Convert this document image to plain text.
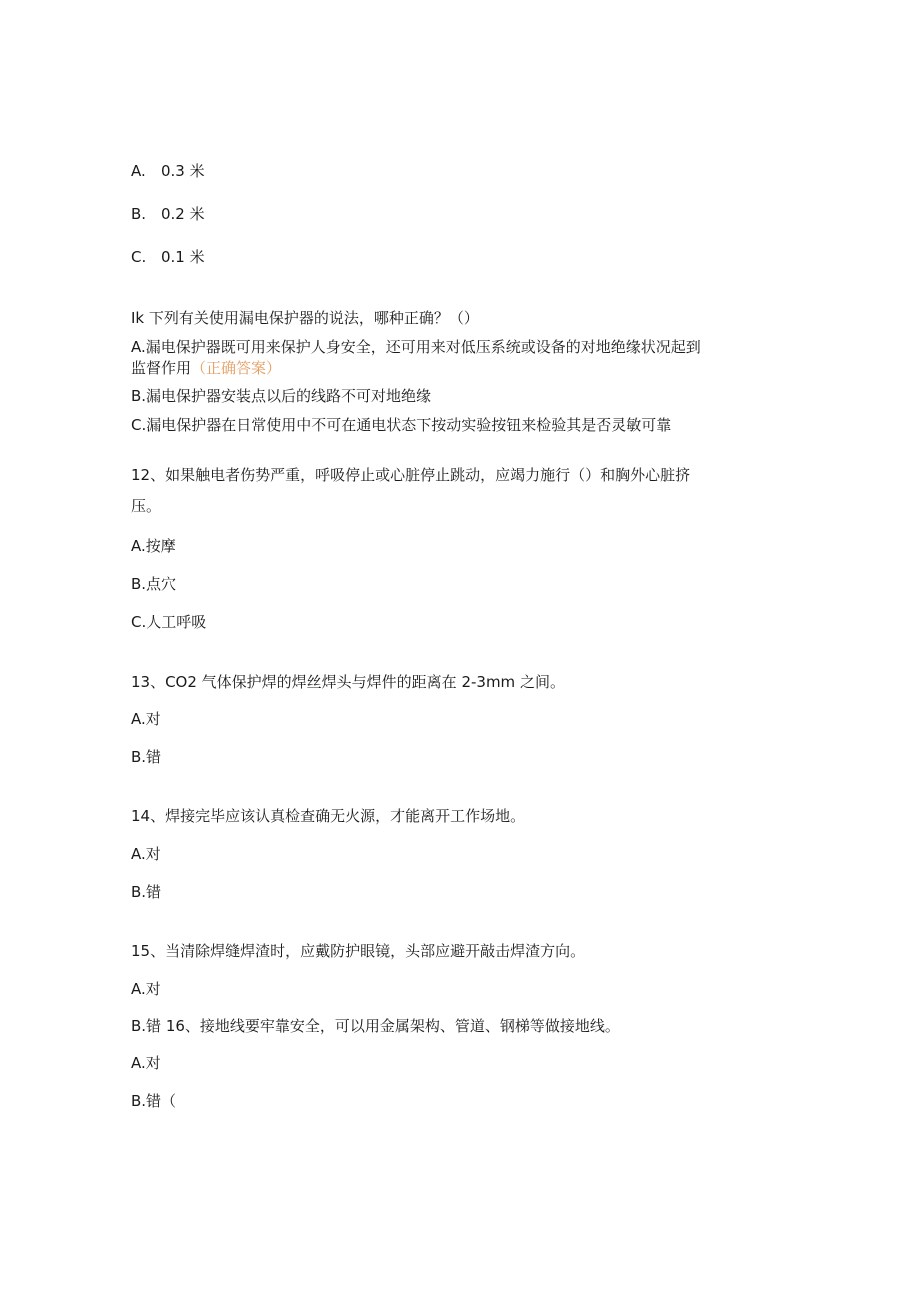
A. 0.3 米
B. 0.2 米
C. 0.1 米
Ik 下列有关使用漏电保护器的说法，哪种正确？（）
A.漏电保护器既可用来保护人身安全，还可用来对低压系统或设备的对地绝缘状况起到
监督作用（正确答案）
B.漏电保护器安装点以后的线路不可对地绝缘
C.漏电保护器在日常使用中不可在通电状态下按动实验按钮来检验其是否灵敏可靠
12、如果触电者伤势严重，呼吸停止或心脏停止跳动，应竭力施行（）和胸外心脏挤
压。
A.按摩
B.点穴
C.人工呼吸
13、CO2 气体保护焊的焊丝焊头与焊件的距离在 2-3mm 之间。
A.对
B.错
14、焊接完毕应该认真检查确无火源，才能离开工作场地。
A.对
B.错
15、当清除焊缝焊渣时，应戴防护眼镜，头部应避开敲击焊渣方向。
A.对
B.错 16、接地线要牢靠安全，可以用金属架构、管道、钢梯等做接地线。
A.对
B.错（
